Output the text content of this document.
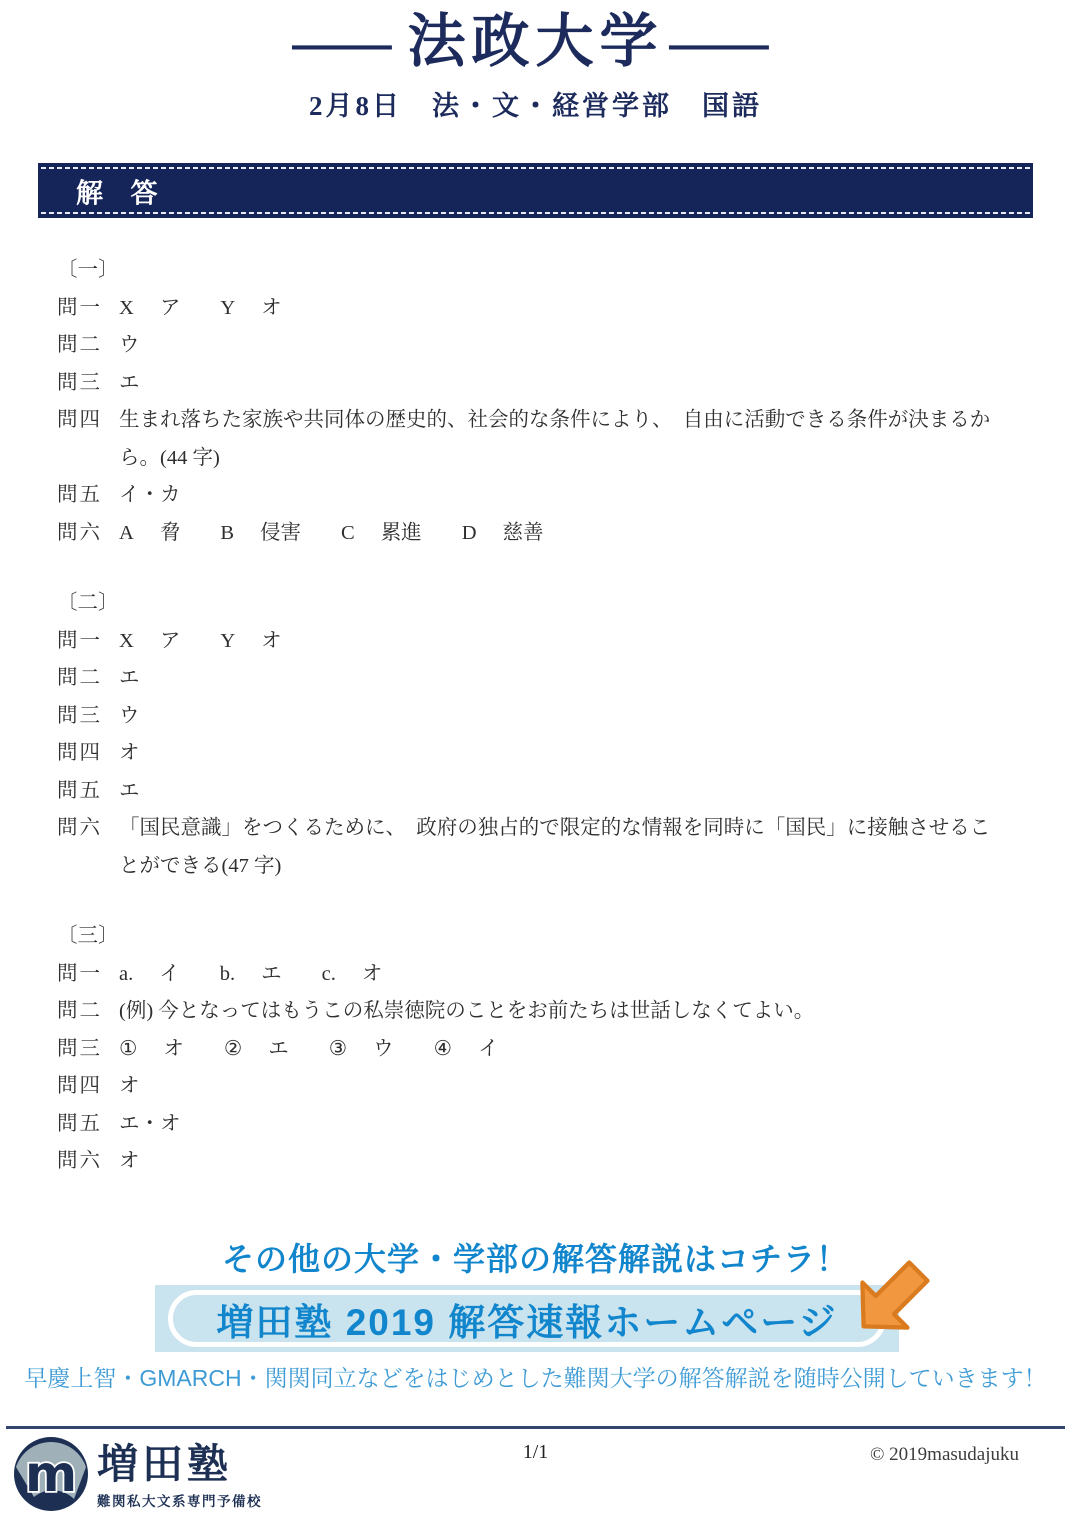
― 法政大学 ―
2月8日　法・文・経営学部　国語
解 答
〔一〕
問一 X ア Y オ
問二 ウ
問三 エ
問四 生まれ落ちた家族や共同体の歴史的、社会的な条件により、　自由に活動できる条件が決まるか
ら。(44 字)
問五 イ・カ
問六 A 脅 B 侵害 C 累進 D 慈善
〔二〕
問一 X ア Y オ
問二 エ
問三 ウ
問四 オ
問五 エ
問六 「国民意識」をつくるために、　政府の独占的で限定的な情報を同時に「国民」に接触させるこ
とができる(47 字)
〔三〕
問一 a. イ b. エ c. オ
問二 (例) 今となってはもうこの私崇徳院のことをお前たちは世話しなくてよい。
問三 ① オ ② エ ③ ウ ④ イ
問四 オ
問五 エ・オ
問六 オ
その他の大学・学部の解答解説はコチラ！
増田塾 2019 解答速報ホームページ
早慶上智・GMARCH・関関同立などをはじめとした難関大学の解答解説を随時公開していきます！
m 増田塾
難関私大文系専門予備校
1/1	© 2019masudajuku
